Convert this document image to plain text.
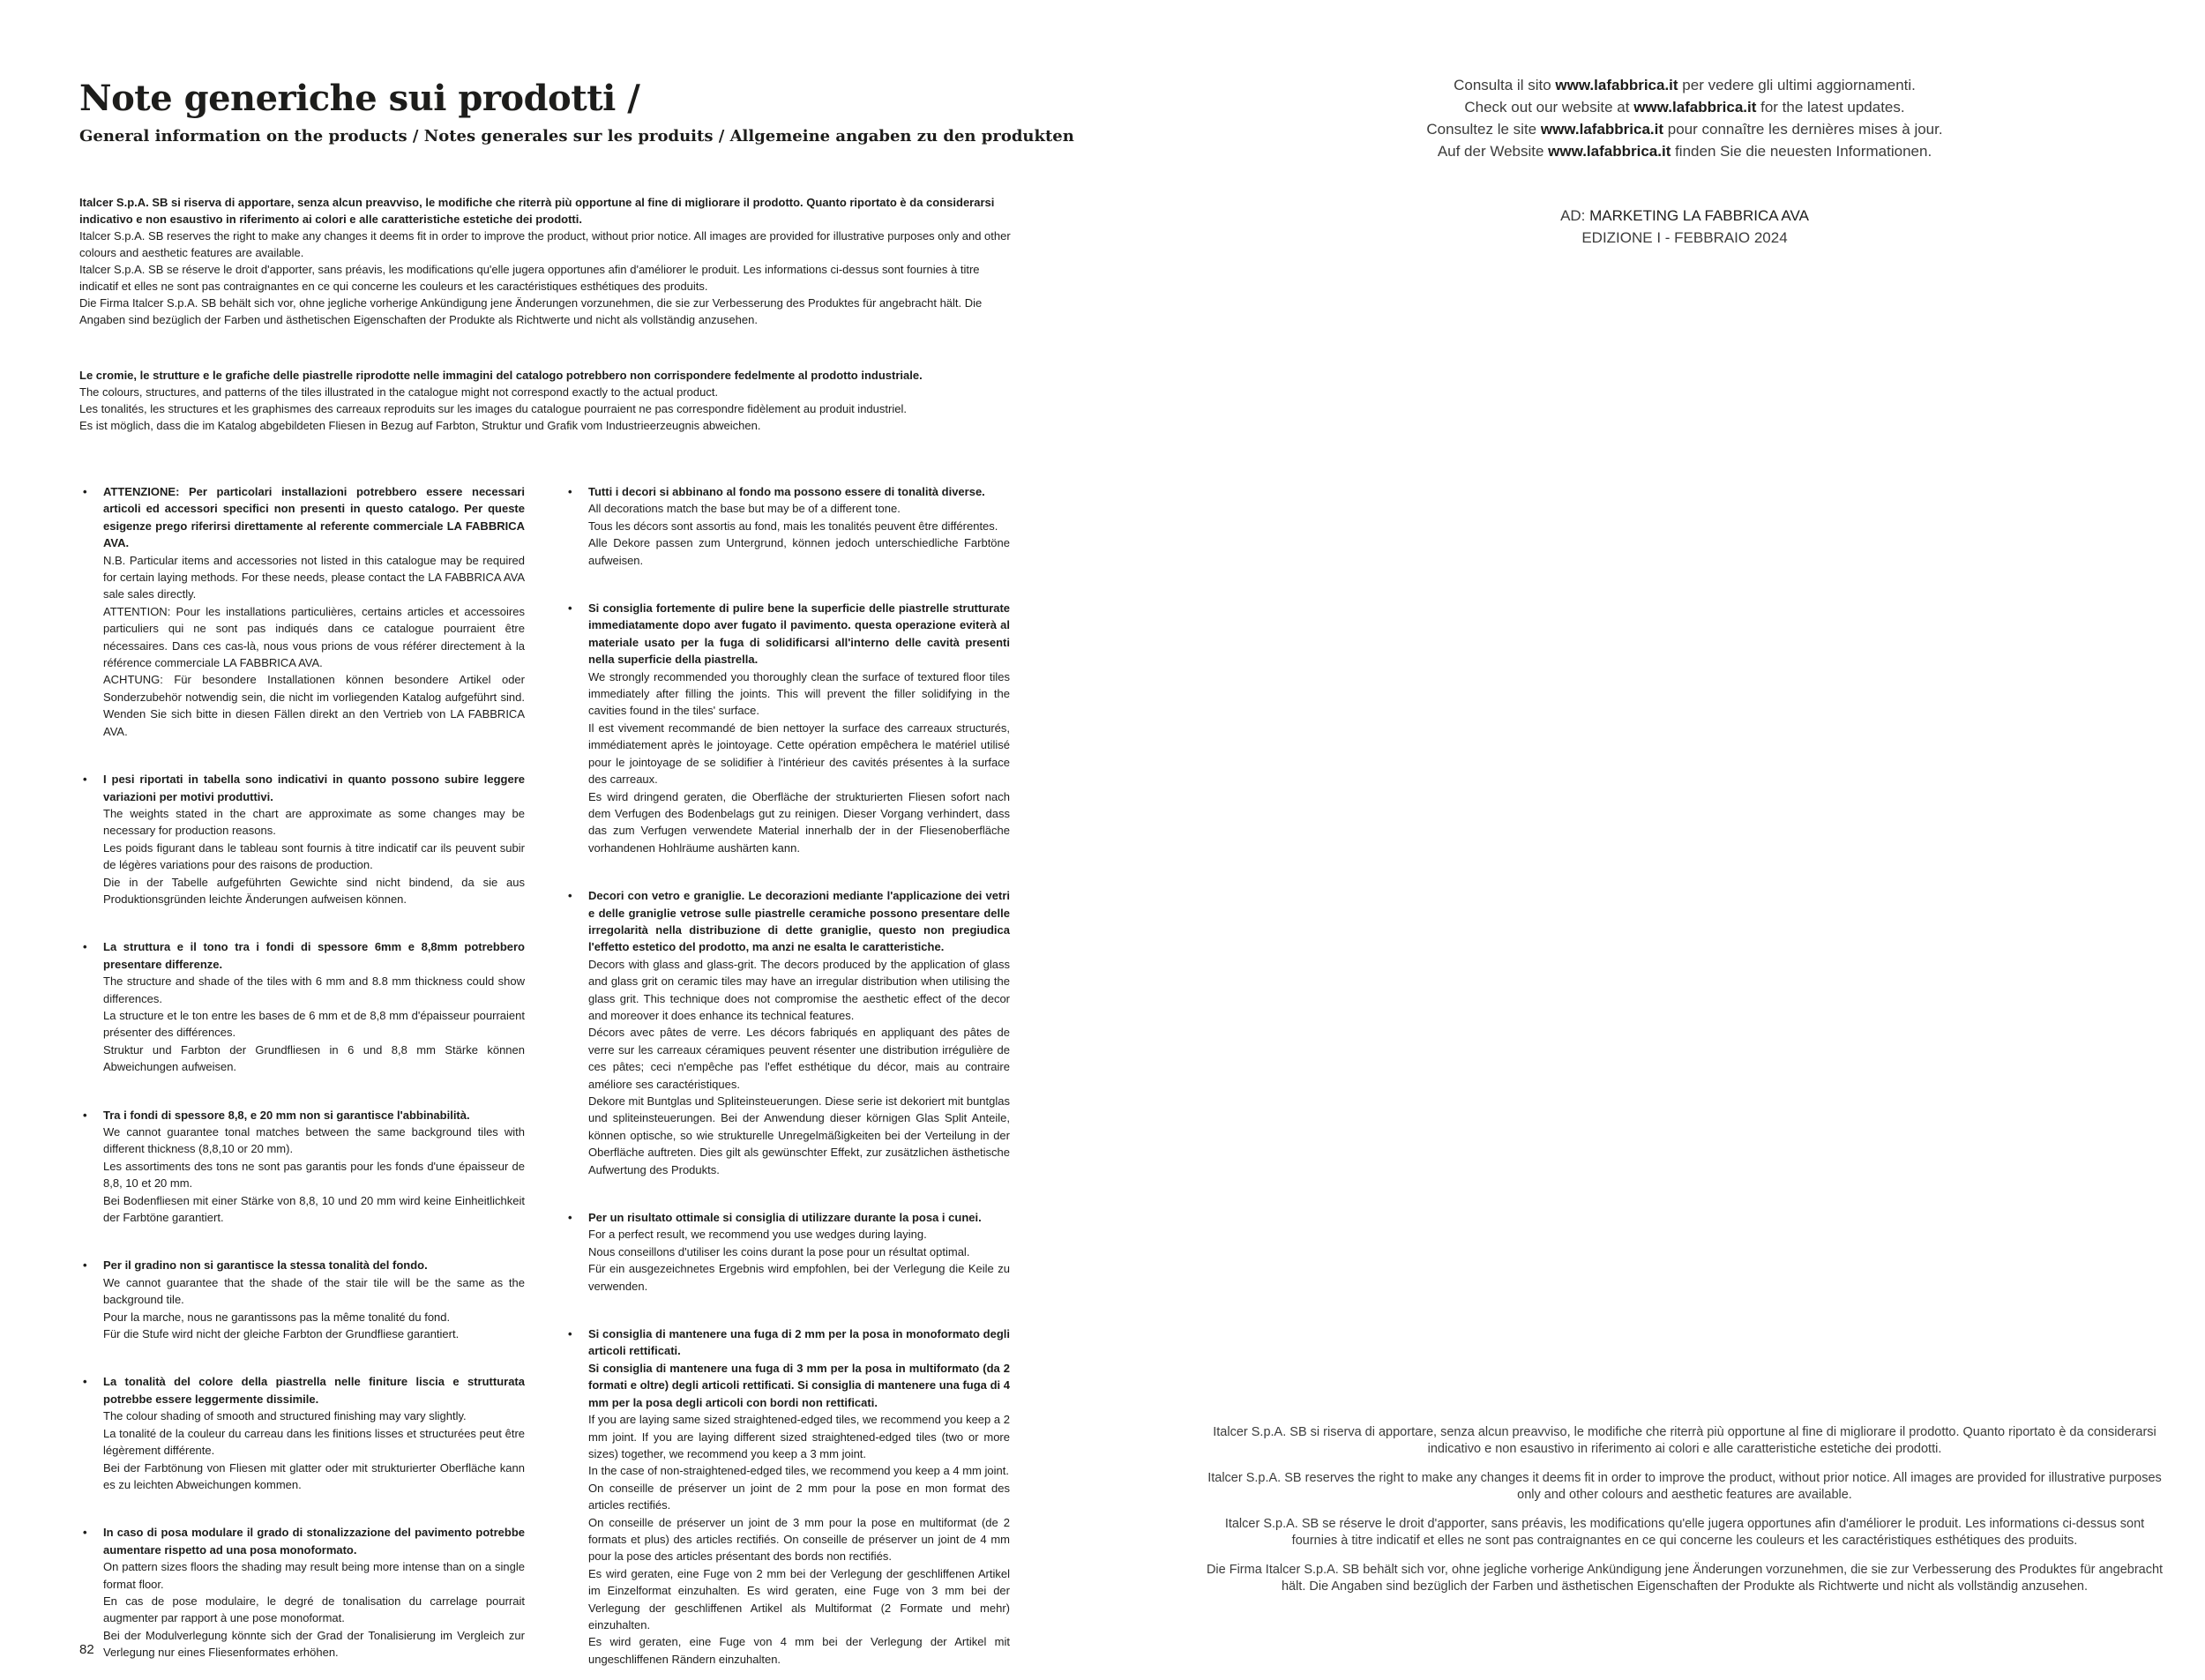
Note generiche sui prodotti /
General information on the products / Notes generales sur les produits / Allgemeine angaben zu den produkten

Italcer S.p.A. SB si riserva di apportare, senza alcun preavviso, le modifiche che riterrà più opportune al fine di migliorare il prodotto. Quanto riportato è da considerarsi indicativo e non esaustivo in riferimento ai colori e alle caratteristiche estetiche dei prodotti.

Italcer S.p.A. SB reserves the right to make any changes it deems fit in order to improve the product, without prior notice. All images are provided for illustrative purposes only and other colours and aesthetic features are available.

Italcer S.p.A. SB se réserve le droit d'apporter, sans préavis, les modifications qu'elle jugera opportunes afin d'améliorer le produit. Les informations ci-dessus sont fournies à titre indicatif et elles ne sont pas contraignantes en ce qui concerne les couleurs et les caractéristiques esthétiques des produits.

Die Firma Italcer S.p.A. SB behält sich vor, ohne jegliche vorherige Ankündigung jene Änderungen vorzunehmen, die sie zur Verbesserung des Produktes für angebracht hält. Die Angaben sind bezüglich der Farben und ästhetischen Eigenschaften der Produkte als Richtwerte und nicht als vollständig anzusehen.

Le cromie, le strutture e le grafiche delle piastrelle riprodotte nelle immagini del catalogo potrebbero non corrispondere fedelmente al prodotto industriale.

The colours, structures, and patterns of the tiles illustrated in the catalogue might not correspond exactly to the actual product.

Les tonalités, les structures et les graphismes des carreaux reproduits sur les images du catalogue pourraient ne pas correspondre fidèlement au produit industriel.

Es ist möglich, dass die im Katalog abgebildeten Fliesen in Bezug auf Farbton, Struktur und Grafik vom Industrieerzeugnis abweichen.

• ATTENZIONE: Per particolari installazioni potrebbero essere necessari articoli ed accessori specifici non presenti in questo catalogo. Per queste esigenze prego riferirsi direttamente al referente commerciale LA FABBRICA AVA.

N.B. Particular items and accessories not listed in this catalogue may be required for certain laying methods. For these needs, please contact the LA FABBRICA AVA sale sales directly.

ATTENTION: Pour les installations particulières, certains articles et accessoires particuliers qui ne sont pas indiqués dans ce catalogue pourraient être nécessaires. Dans ces cas-là, nous vous prions de vous référer directement à la référence commerciale LA FABBRICA AVA.

ACHTUNG: Für besondere Installationen können besondere Artikel oder Sonderzubehör notwendig sein, die nicht im vorliegenden Katalog aufgeführt sind. Wenden Sie sich bitte in diesen Fällen direkt an den Vertrieb von LA FABBRICA AVA.

• I pesi riportati in tabella sono indicativi in quanto possono subire leggere variazioni per motivi produttivi.

The weights stated in the chart are approximate as some changes may be necessary for production reasons.

Les poids figurant dans le tableau sont fournis à titre indicatif car ils peuvent subir de légères variations pour des raisons de production.

Die in der Tabelle aufgeführten Gewichte sind nicht bindend, da sie aus Produktionsgründen leichte Änderungen aufweisen können.

• La struttura e il tono tra i fondi di spessore 6mm e 8,8mm potrebbero presentare differenze.

The structure and shade of the tiles with 6 mm and 8.8 mm thickness could show differences.

La structure et le ton entre les bases de 6 mm et de 8,8 mm d'épaisseur pourraient présenter des différences.

Struktur und Farbton der Grundfliesen in 6 und 8,8 mm Stärke können Abweichungen aufweisen.

• Tra i fondi di spessore 8,8, e 20 mm non si garantisce l'abbinabilità.

We cannot guarantee tonal matches between the same background tiles with different thickness (8,8,10 or 20 mm).

Les assortiments des tons ne sont pas garantis pour les fonds d'une épaisseur de 8,8, 10 et 20 mm.

Bei Bodenfliesen mit einer Stärke von 8,8, 10 und 20 mm wird keine Einheitlichkeit der Farbtöne garantiert.

• Per il gradino non si garantisce la stessa tonalità del fondo.

We cannot guarantee that the shade of the stair tile will be the same as the background tile.

Pour la marche, nous ne garantissons pas la même tonalité du fond.

Für die Stufe wird nicht der gleiche Farbton der Grundfliese garantiert.

• La tonalità del colore della piastrella nelle finiture liscia e strutturata potrebbe essere leggermente dissimile.

The colour shading of smooth and structured finishing may vary slightly.

La tonalité de la couleur du carreau dans les finitions lisses et structurées peut être légèrement différente.

Bei der Farbtönung von Fliesen mit glatter oder mit strukturierter Oberfläche kann es zu leichten Abweichungen kommen.

• In caso di posa modulare il grado di stonalizzazione del pavimento potrebbe aumentare rispetto ad una posa monoformato.

On pattern sizes floors the shading may result being more intense than on a single format floor.

En cas de pose modulaire, le degré de tonalisation du carrelage pourrait augmenter par rapport à une pose monoformat.

Bei der Modulverlegung könnte sich der Grad der Tonalisierung im Vergleich zur Verlegung nur eines Fliesenformates erhöhen.

• Tutti i decori si abbinano al fondo ma possono essere di tonalità diverse.

All decorations match the base but may be of a different tone.

Tous les décors sont assortis au fond, mais les tonalités peuvent être différentes.

Alle Dekore passen zum Untergrund, können jedoch unterschiedliche Farbtöne aufweisen.

• Si consiglia fortemente di pulire bene la superficie delle piastrelle strutturate immediatamente dopo aver fugato il pavimento. questa operazione eviterà al materiale usato per la fuga di solidificarsi all'interno delle cavità presenti nella superficie della piastrella.

We strongly recommended you thoroughly clean the surface of textured floor tiles immediately after filling the joints. This will prevent the filler solidifying in the cavities found in the tiles' surface.

Il est vivement recommandé de bien nettoyer la surface des carreaux structurés, immédiatement après le jointoyage. Cette opération empêchera le matériel utilisé pour le jointoyage de se solidifier à l'intérieur des cavités présentes à la surface des carreaux.

Es wird dringend geraten, die Oberfläche der strukturierten Fliesen sofort nach dem Verfugen des Bodenbelags gut zu reinigen. Dieser Vorgang verhindert, dass das zum Verfugen verwendete Material innerhalb der in der Fliesenoberfläche vorhandenen Hohlräume aushärten kann.

• Decori con vetro e graniglie. Le decorazioni mediante l'applicazione dei vetri e delle graniglie vetrose sulle piastrelle ceramiche possono presentare delle irregolarità nella distribuzione di dette graniglie, questo non pregiudica l'effetto estetico del prodotto, ma anzi ne esalta le caratteristiche.

Decors with glass and glass-grit. The decors produced by the application of glass and glass grit on ceramic tiles may have an irregular distribution when utilising the glass grit. This technique does not compromise the aesthetic effect of the decor and moreover it does enhance its technical features.

Décors avec pâtes de verre. Les décors fabriqués en appliquant des pâtes de verre sur les carreaux céramiques peuvent résenter une distribution irrégulière de ces pâtes; ceci n'empêche pas l'effet esthétique du décor, mais au contraire améliore ses caractéristiques.

Dekore mit Buntglas und Spliteinsteuerungen. Diese serie ist dekoriert mit buntglas und spliteinsteuerungen. Bei der Anwendung dieser körnigen Glas Split Anteile, können optische, so wie strukturelle Unregelmäßigkeiten bei der Verteilung in der Oberfläche auftreten. Dies gilt als gewünschter Effekt, zur zusätzlichen ästhetische Aufwertung des Produkts.

• Per un risultato ottimale si consiglia di utilizzare durante la posa i cunei.

For a perfect result, we recommend you use wedges during laying.

Nous conseillons d'utiliser les coins durant la pose pour un résultat optimal.

Für ein ausgezeichnetes Ergebnis wird empfohlen, bei der Verlegung die Keile zu verwenden.

• Si consiglia di mantenere una fuga di 2 mm per la posa in monoformato degli articoli rettificati.

Si consiglia di mantenere una fuga di 3 mm per la posa in multiformato (da 2 formati e oltre) degli articoli rettificati. Si consiglia di mantenere una fuga di 4 mm per la posa degli articoli con bordi non rettificati.

If you are laying same sized straightened-edged tiles, we recommend you keep a 2 mm joint. If you are laying different sized straightened-edged tiles (two or more sizes) together, we recommend you keep a 3 mm joint.

In the case of non-straightened-edged tiles, we recommend you keep a 4 mm joint.

On conseille de préserver un joint de 2 mm pour la pose en mon format des articles rectifiés.

On conseille de préserver un joint de 3 mm pour la pose en multiformat (de 2 formats et plus) des articles rectifiés. On conseille de préserver un joint de 4 mm pour la pose des articles présentant des bords non rectifiés.

Es wird geraten, eine Fuge von 2 mm bei der Verlegung der geschliffenen Artikel im Einzelformat einzuhalten. Es wird geraten, eine Fuge von 3 mm bei der Verlegung der geschliffenen Artikel als Multiformat (2 Formate und mehr) einzuhalten.

Es wird geraten, eine Fuge von 4 mm bei der Verlegung der Artikel mit ungeschliffenen Rändern einzuhalten.

82

Consulta il sito www.lafabbrica.it per vedere gli ultimi aggiornamenti.

Check out our website at www.lafabbrica.it for the latest updates.

Consultez le site www.lafabbrica.it pour connaître les dernières mises à jour.

Auf der Website www.lafabbrica.it finden Sie die neuesten Informationen.

AD: MARKETING LA FABBRICA AVA

EDIZIONE I - FEBBRAIO 2024

Italcer S.p.A. SB si riserva di apportare, senza alcun preavviso, le modifiche che riterrà più opportune al fine di migliorare il prodotto. Quanto riportato è da considerarsi indicativo e non esaustivo in riferimento ai colori e alle caratteristiche estetiche dei prodotti.

Italcer S.p.A. SB reserves the right to make any changes it deems fit in order to improve the product, without prior notice. All images are provided for illustrative purposes only and other colours and aesthetic features are available.

Italcer S.p.A. SB se réserve le droit d'apporter, sans préavis, les modifications qu'elle jugera opportunes afin d'améliorer le produit. Les informations ci-dessus sont fournies à titre indicatif et elles ne sont pas contraignantes en ce qui concerne les couleurs et les caractéristiques esthétiques des produits.

Die Firma Italcer S.p.A. SB behält sich vor, ohne jegliche vorherige Ankündigung jene Änderungen vorzunehmen, die sie zur Verbesserung des Produktes für angebracht hält. Die Angaben sind bezüglich der Farben und ästhetischen Eigenschaften der Produkte als Richtwerte und nicht als vollständig anzusehen.
